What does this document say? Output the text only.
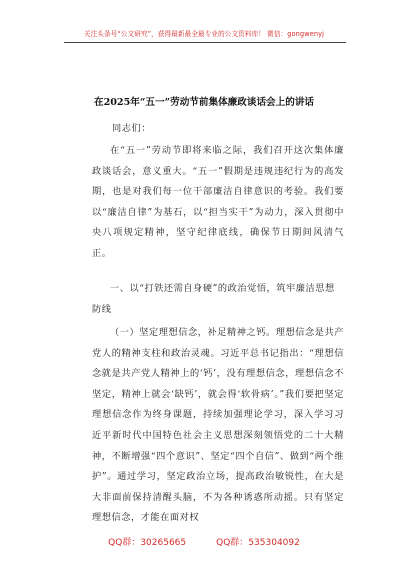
关注头条号“公文研究”，获得最新最全最专业的公文资料库！ 微信：gongwenyj
在2025年“五一”劳动节前集体廉政谈话会上的讲话
同志们：
在“五一”劳动节即将来临之际，我们召开这次集体廉政谈话会，意义重大。“五一”假期是违规违纪行为的高发期，也是对我们每一位干部廉洁自律意识的考验。我们要以“廉洁自律”为基石，以“担当实干”为动力，深入贯彻中央八项规定精神，坚守纪律底线，确保节日期间风清气正。
一、以“打铁还需自身硬”的政治觉悟，筑牢廉洁思想防线
（一）坚定理想信念，补足精神之钙。理想信念是共产党人的精神支柱和政治灵魂。习近平总书记指出：“理想信念就是共产党人精神上的‘钙’，没有理想信念，理想信念不坚定，精神上就会‘缺钙’，就会得‘软骨病’。”我们要把坚定理想信念作为终身课题，持续加强理论学习，深入学习习近平新时代中国特色社会主义思想深刻领悟党的二十大精神，不断增强“四个意识”、坚定“四个自信”、做到“两个维护”。通过学习，坚定政治立场，提高政治敏锐性，在大是大非面前保持清醒头脑，不为各种诱惑所动摇。只有坚定理想信念，才能在面对权
QQ群：30265665	QQ群：535304092
